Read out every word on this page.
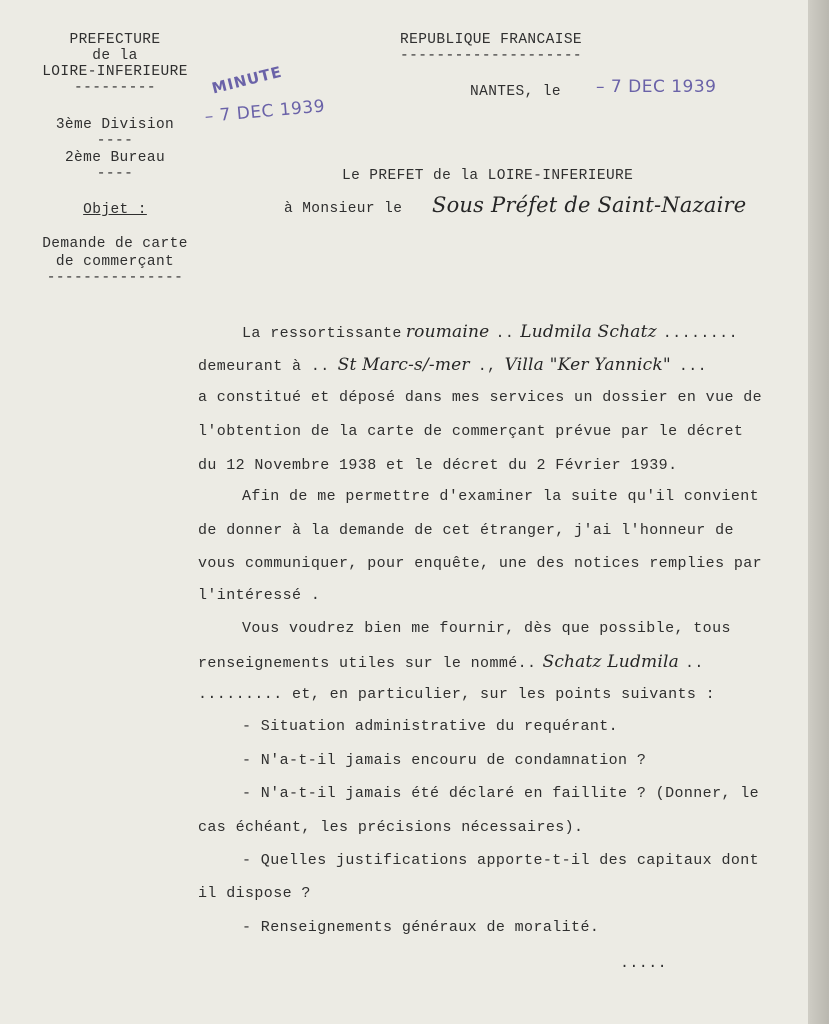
PREFECTURE
de la
LOIRE-INFERIEURE
---------
3ème Division
----
2ème Bureau
----
Objet :
Demande de carte
de commerçant
---------------
REPUBLIQUE FRANCAISE
--------------------
MINUTE
– 7 DEC 1939
NANTES, le – 7 DEC 1939
Le PREFET de la LOIRE-INFERIEURE
à Monsieur le Sous Préfet de Saint-Nazaire
La ressortissante roumaine .. Ludmila Schatz ........
demeurant à .. St Marc-s/-mer ., Villa "Ker Yannick" ...
a constitué et déposé dans mes services un dossier en vue de
l'obtention de la carte de commerçant prévue par le décret
du 12 Novembre 1938 et le décret du 2 Février 1939.
Afin de me permettre d'examiner la suite qu'il convient
de donner à la demande de cet étranger, j'ai l'honneur de
vous communiquer, pour enquête, une des notices remplies par
l'intéressé .
Vous voudrez bien me fournir, dès que possible, tous
renseignements utiles sur le nommé.. Schatz Ludmila ..
......... et, en particulier, sur les points suivants :
- Situation administrative du requérant.
- N'a-t-il jamais encouru de condamnation ?
- N'a-t-il jamais été déclaré en faillite ? (Donner, le
cas échéant, les précisions nécessaires).
- Quelles justifications apporte-t-il des capitaux dont
il dispose ?
- Renseignements généraux de moralité.
.....
